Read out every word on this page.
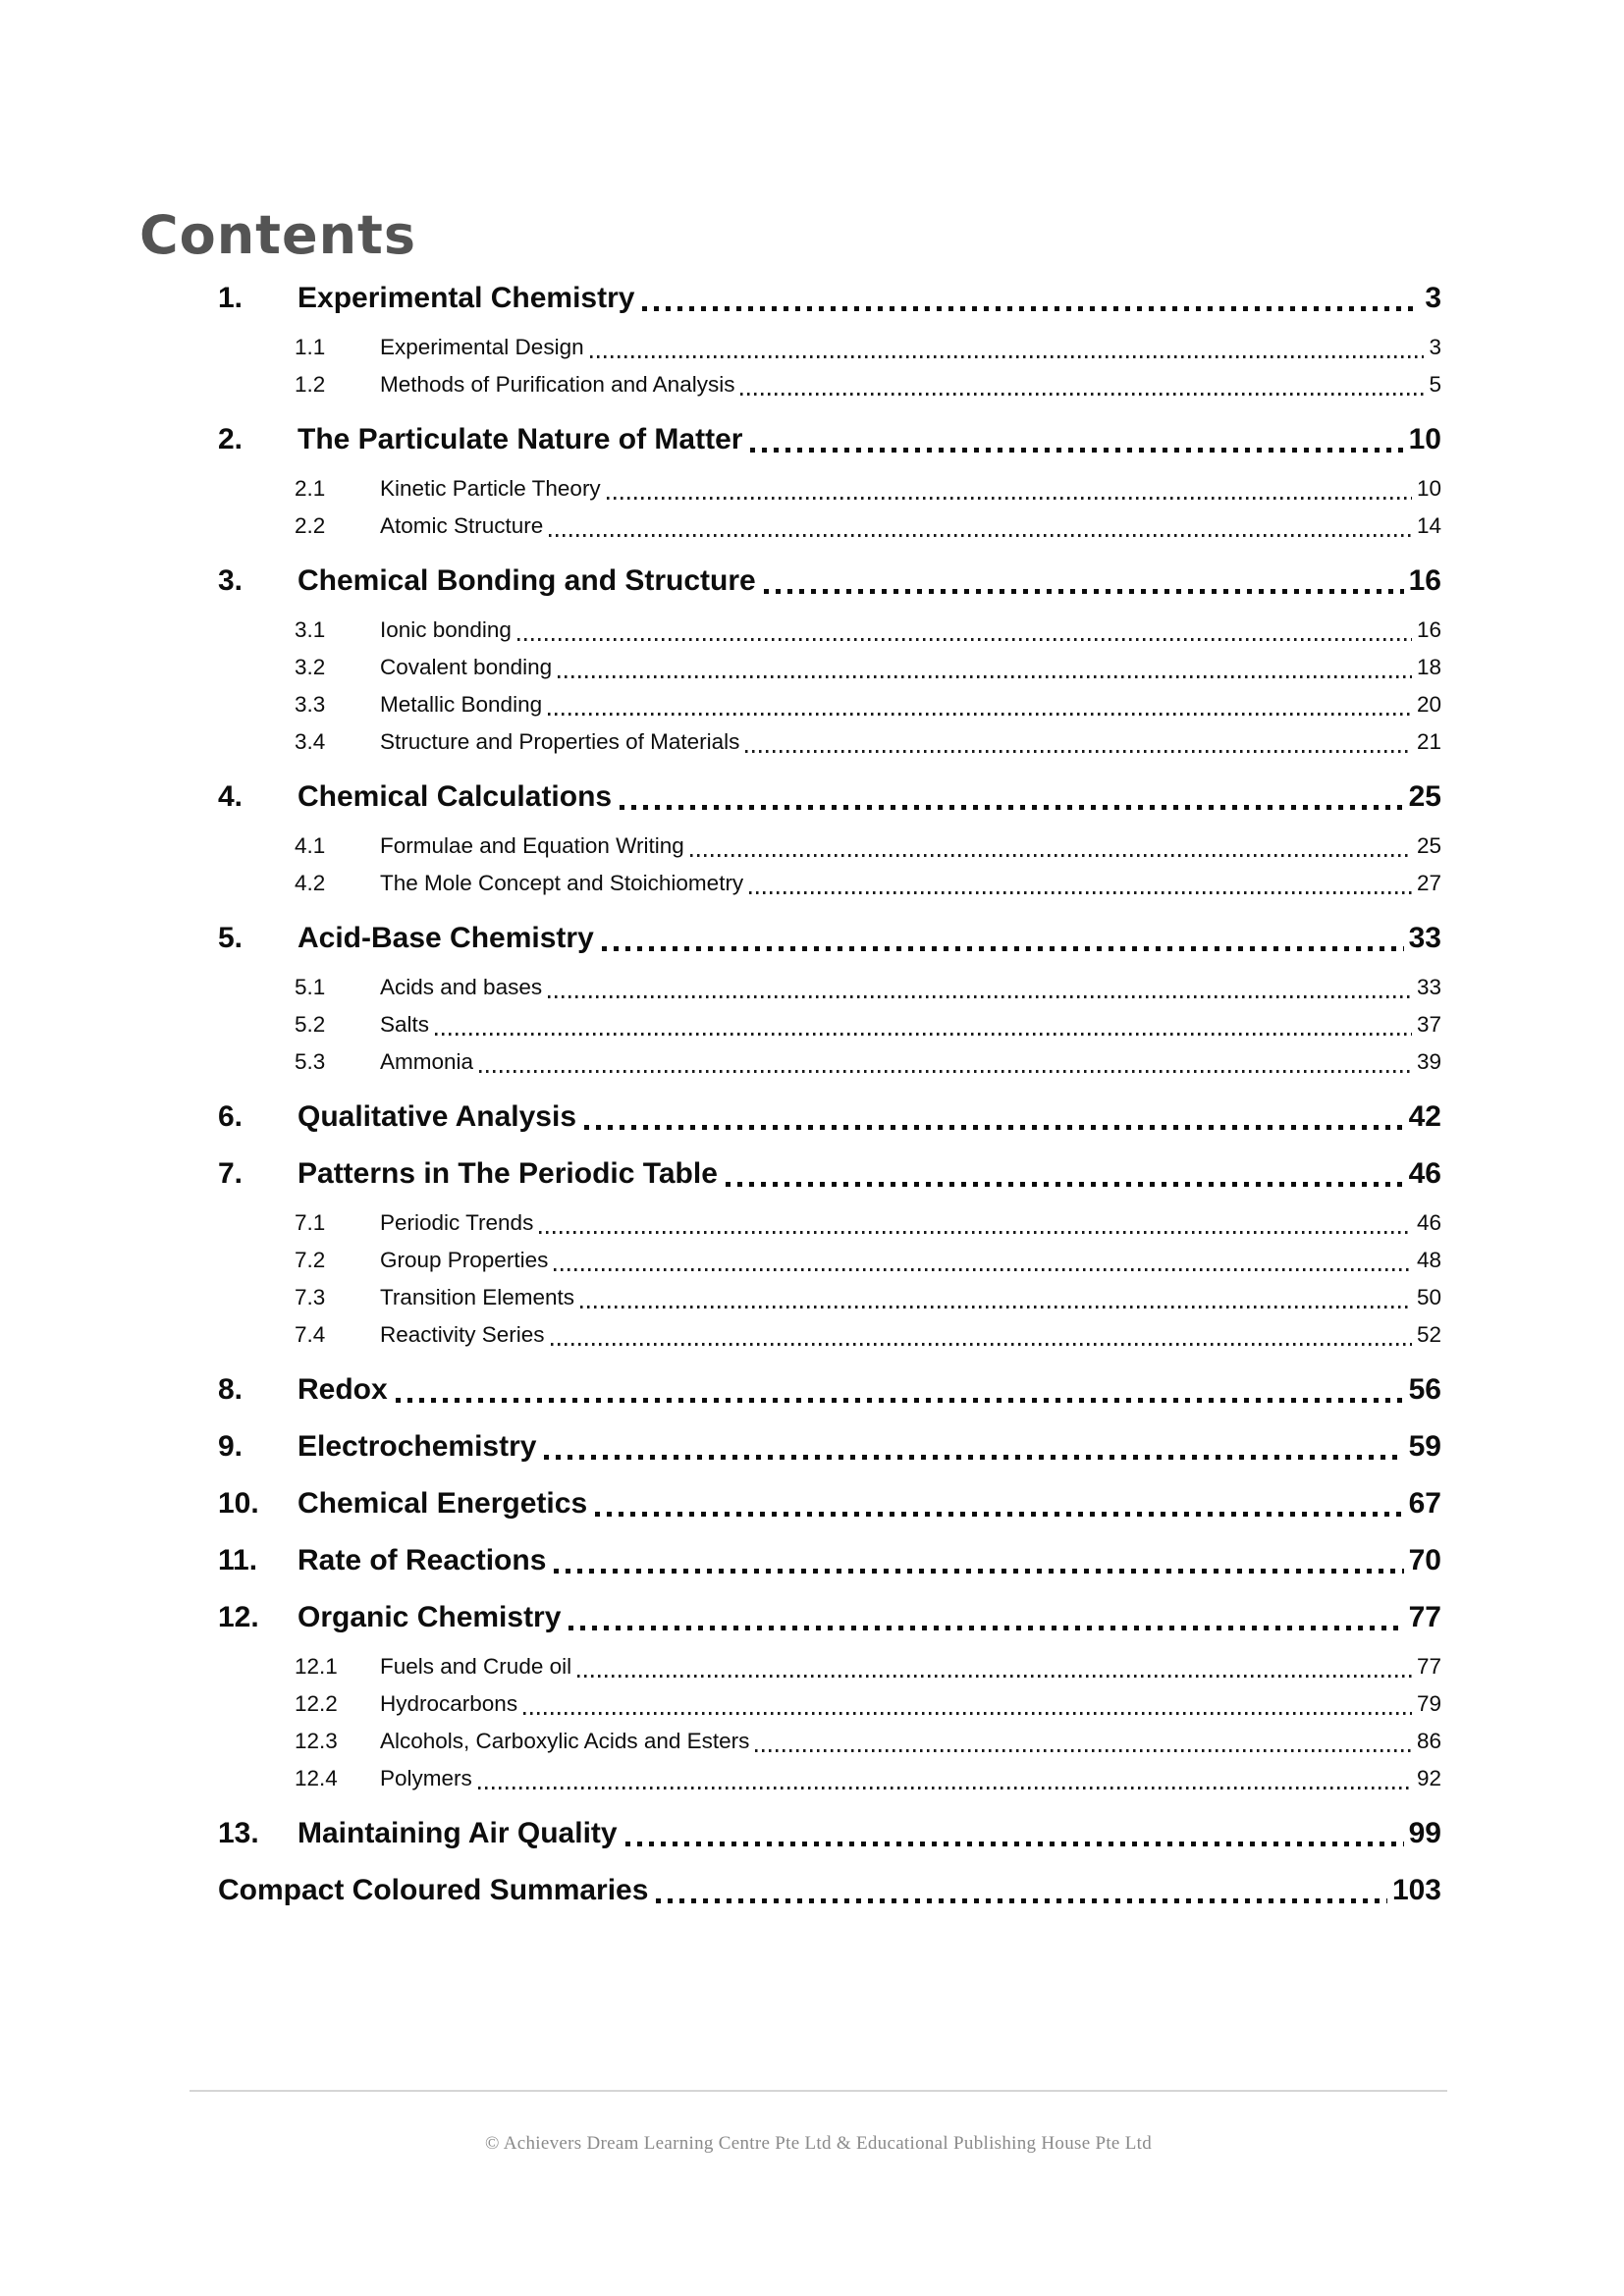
Contents
1.	Experimental Chemistry	3
1.1	Experimental Design	3
1.2	Methods of Purification and Analysis	5
2.	The Particulate Nature of Matter	10
2.1	Kinetic Particle Theory	10
2.2	Atomic Structure	14
3.	Chemical Bonding and Structure	16
3.1	Ionic bonding	16
3.2	Covalent bonding	18
3.3	Metallic Bonding	20
3.4	Structure and Properties of Materials	21
4.	Chemical Calculations	25
4.1	Formulae and Equation Writing	25
4.2	The Mole Concept and Stoichiometry	27
5.	Acid-Base Chemistry	33
5.1	Acids and bases	33
5.2	Salts	37
5.3	Ammonia	39
6.	Qualitative Analysis	42
7.	Patterns in The Periodic Table	46
7.1	Periodic Trends	46
7.2	Group Properties	48
7.3	Transition Elements	50
7.4	Reactivity Series	52
8.	Redox	56
9.	Electrochemistry	59
10.	Chemical Energetics	67
11.	Rate of Reactions	70
12.	Organic Chemistry	77
12.1	Fuels and Crude oil	77
12.2	Hydrocarbons	79
12.3	Alcohols, Carboxylic Acids and Esters	86
12.4	Polymers	92
13.	Maintaining Air Quality	99
Compact Coloured Summaries	103
© Achievers Dream Learning Centre Pte Ltd & Educational Publishing House Pte Ltd
